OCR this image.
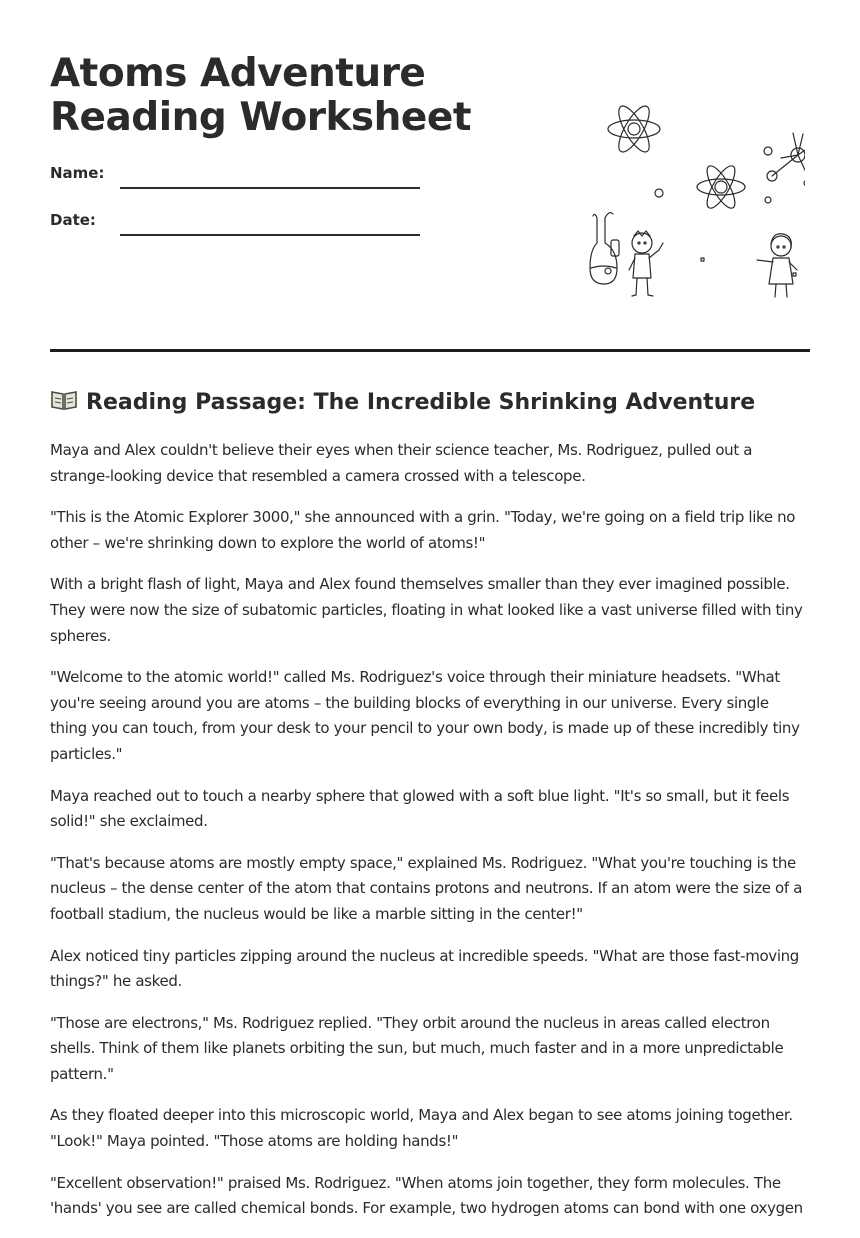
Atoms Adventure
Reading Worksheet
Name:
Date:
Reading Passage: The Incredible Shrinking Adventure

Maya and Alex couldn't believe their eyes when their science teacher, Ms. Rodriguez, pulled out a strange-looking device that resembled a camera crossed with a telescope.

"This is the Atomic Explorer 3000," she announced with a grin. "Today, we're going on a field trip like no other – we're shrinking down to explore the world of atoms!"

With a bright flash of light, Maya and Alex found themselves smaller than they ever imagined possible. They were now the size of subatomic particles, floating in what looked like a vast universe filled with tiny spheres.

"Welcome to the atomic world!" called Ms. Rodriguez's voice through their miniature headsets. "What you're seeing around you are atoms – the building blocks of everything in our universe. Every single thing you can touch, from your desk to your pencil to your own body, is made up of these incredibly tiny particles."

Maya reached out to touch a nearby sphere that glowed with a soft blue light. "It's so small, but it feels solid!" she exclaimed.

"That's because atoms are mostly empty space," explained Ms. Rodriguez. "What you're touching is the nucleus – the dense center of the atom that contains protons and neutrons. If an atom were the size of a football stadium, the nucleus would be like a marble sitting in the center!"

Alex noticed tiny particles zipping around the nucleus at incredible speeds. "What are those fast-moving things?" he asked.

"Those are electrons," Ms. Rodriguez replied. "They orbit around the nucleus in areas called electron shells. Think of them like planets orbiting the sun, but much, much faster and in a more unpredictable pattern."

As they floated deeper into this microscopic world, Maya and Alex began to see atoms joining together. "Look!" Maya pointed. "Those atoms are holding hands!"

"Excellent observation!" praised Ms. Rodriguez. "When atoms join together, they form molecules. The 'hands' you see are called chemical bonds. For example, two hydrogen atoms can bond with one oxygen
